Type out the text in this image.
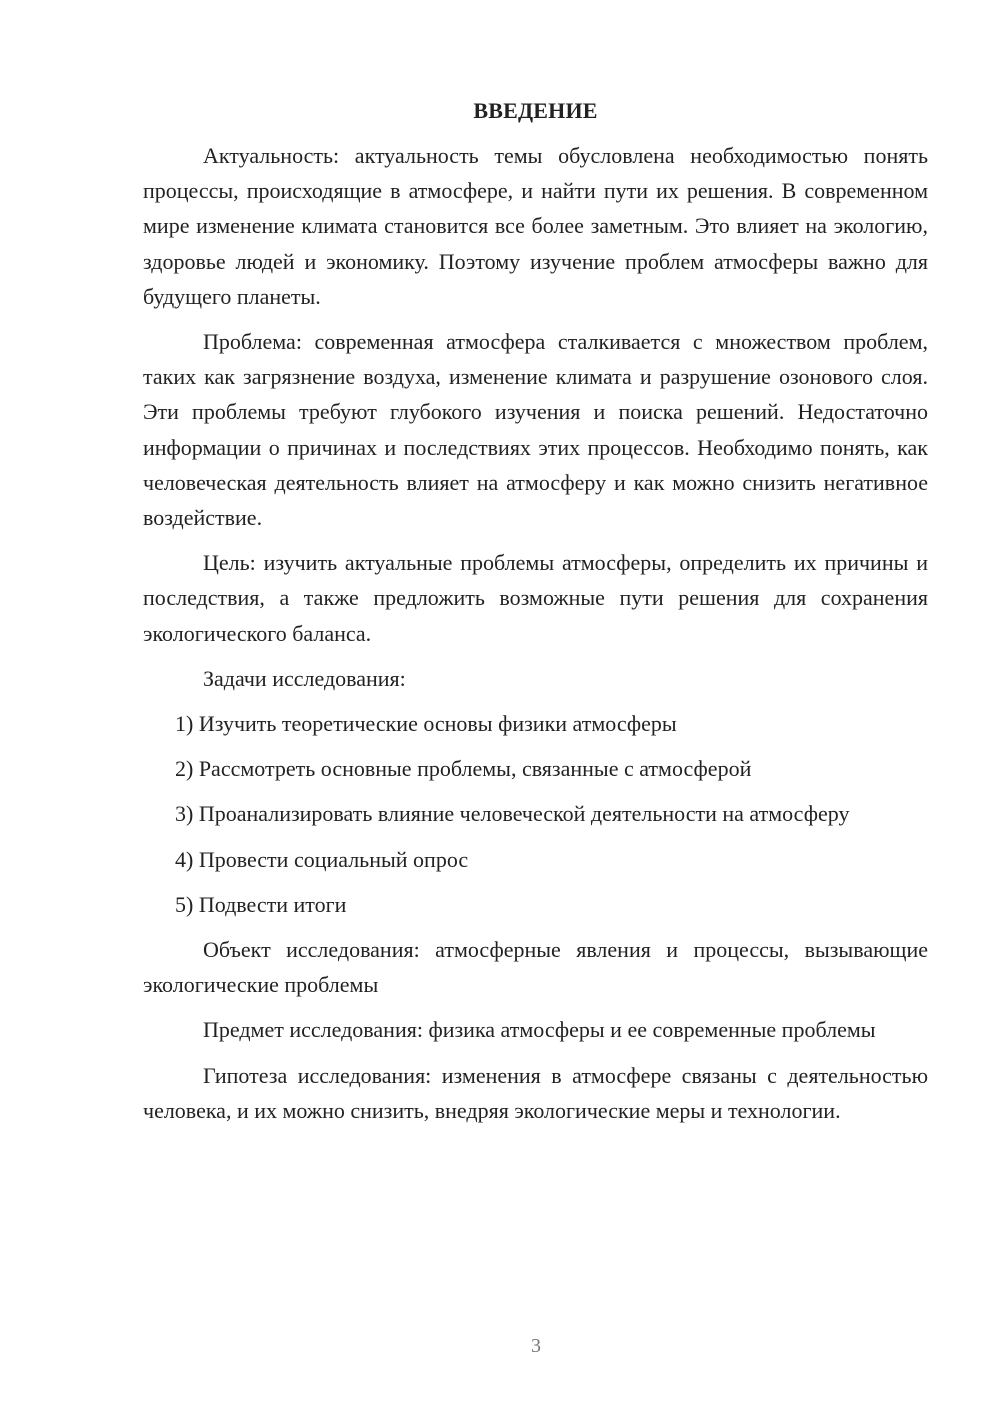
ВВЕДЕНИЕ

Актуальность: актуальность темы обусловлена необходимостью понять процессы, происходящие в атмосфере, и найти пути их решения. В современном мире изменение климата становится все более заметным. Это влияет на экологию, здоровье людей и экономику. Поэтому изучение проблем атмосферы важно для будущего планеты.

Проблема: современная атмосфера сталкивается с множеством проблем, таких как загрязнение воздуха, изменение климата и разрушение озонового слоя. Эти проблемы требуют глубокого изучения и поиска решений. Недостаточно информации о причинах и последствиях этих процессов. Необходимо понять, как человеческая деятельность влияет на атмосферу и как можно снизить негативное воздействие.

Цель: изучить актуальные проблемы атмосферы, определить их причины и последствия, а также предложить возможные пути решения для сохранения экологического баланса.

Задачи исследования:

1) Изучить теоретические основы физики атмосферы

2) Рассмотреть основные проблемы, связанные с атмосферой

3) Проанализировать влияние человеческой деятельности на атмосферу

4) Провести социальный опрос

5) Подвести итоги

Объект исследования: атмосферные явления и процессы, вызывающие экологические проблемы

Предмет исследования: физика атмосферы и ее современные проблемы

Гипотеза исследования: изменения в атмосфере связаны с деятельностью человека, и их можно снизить, внедряя экологические меры и технологии.

3
